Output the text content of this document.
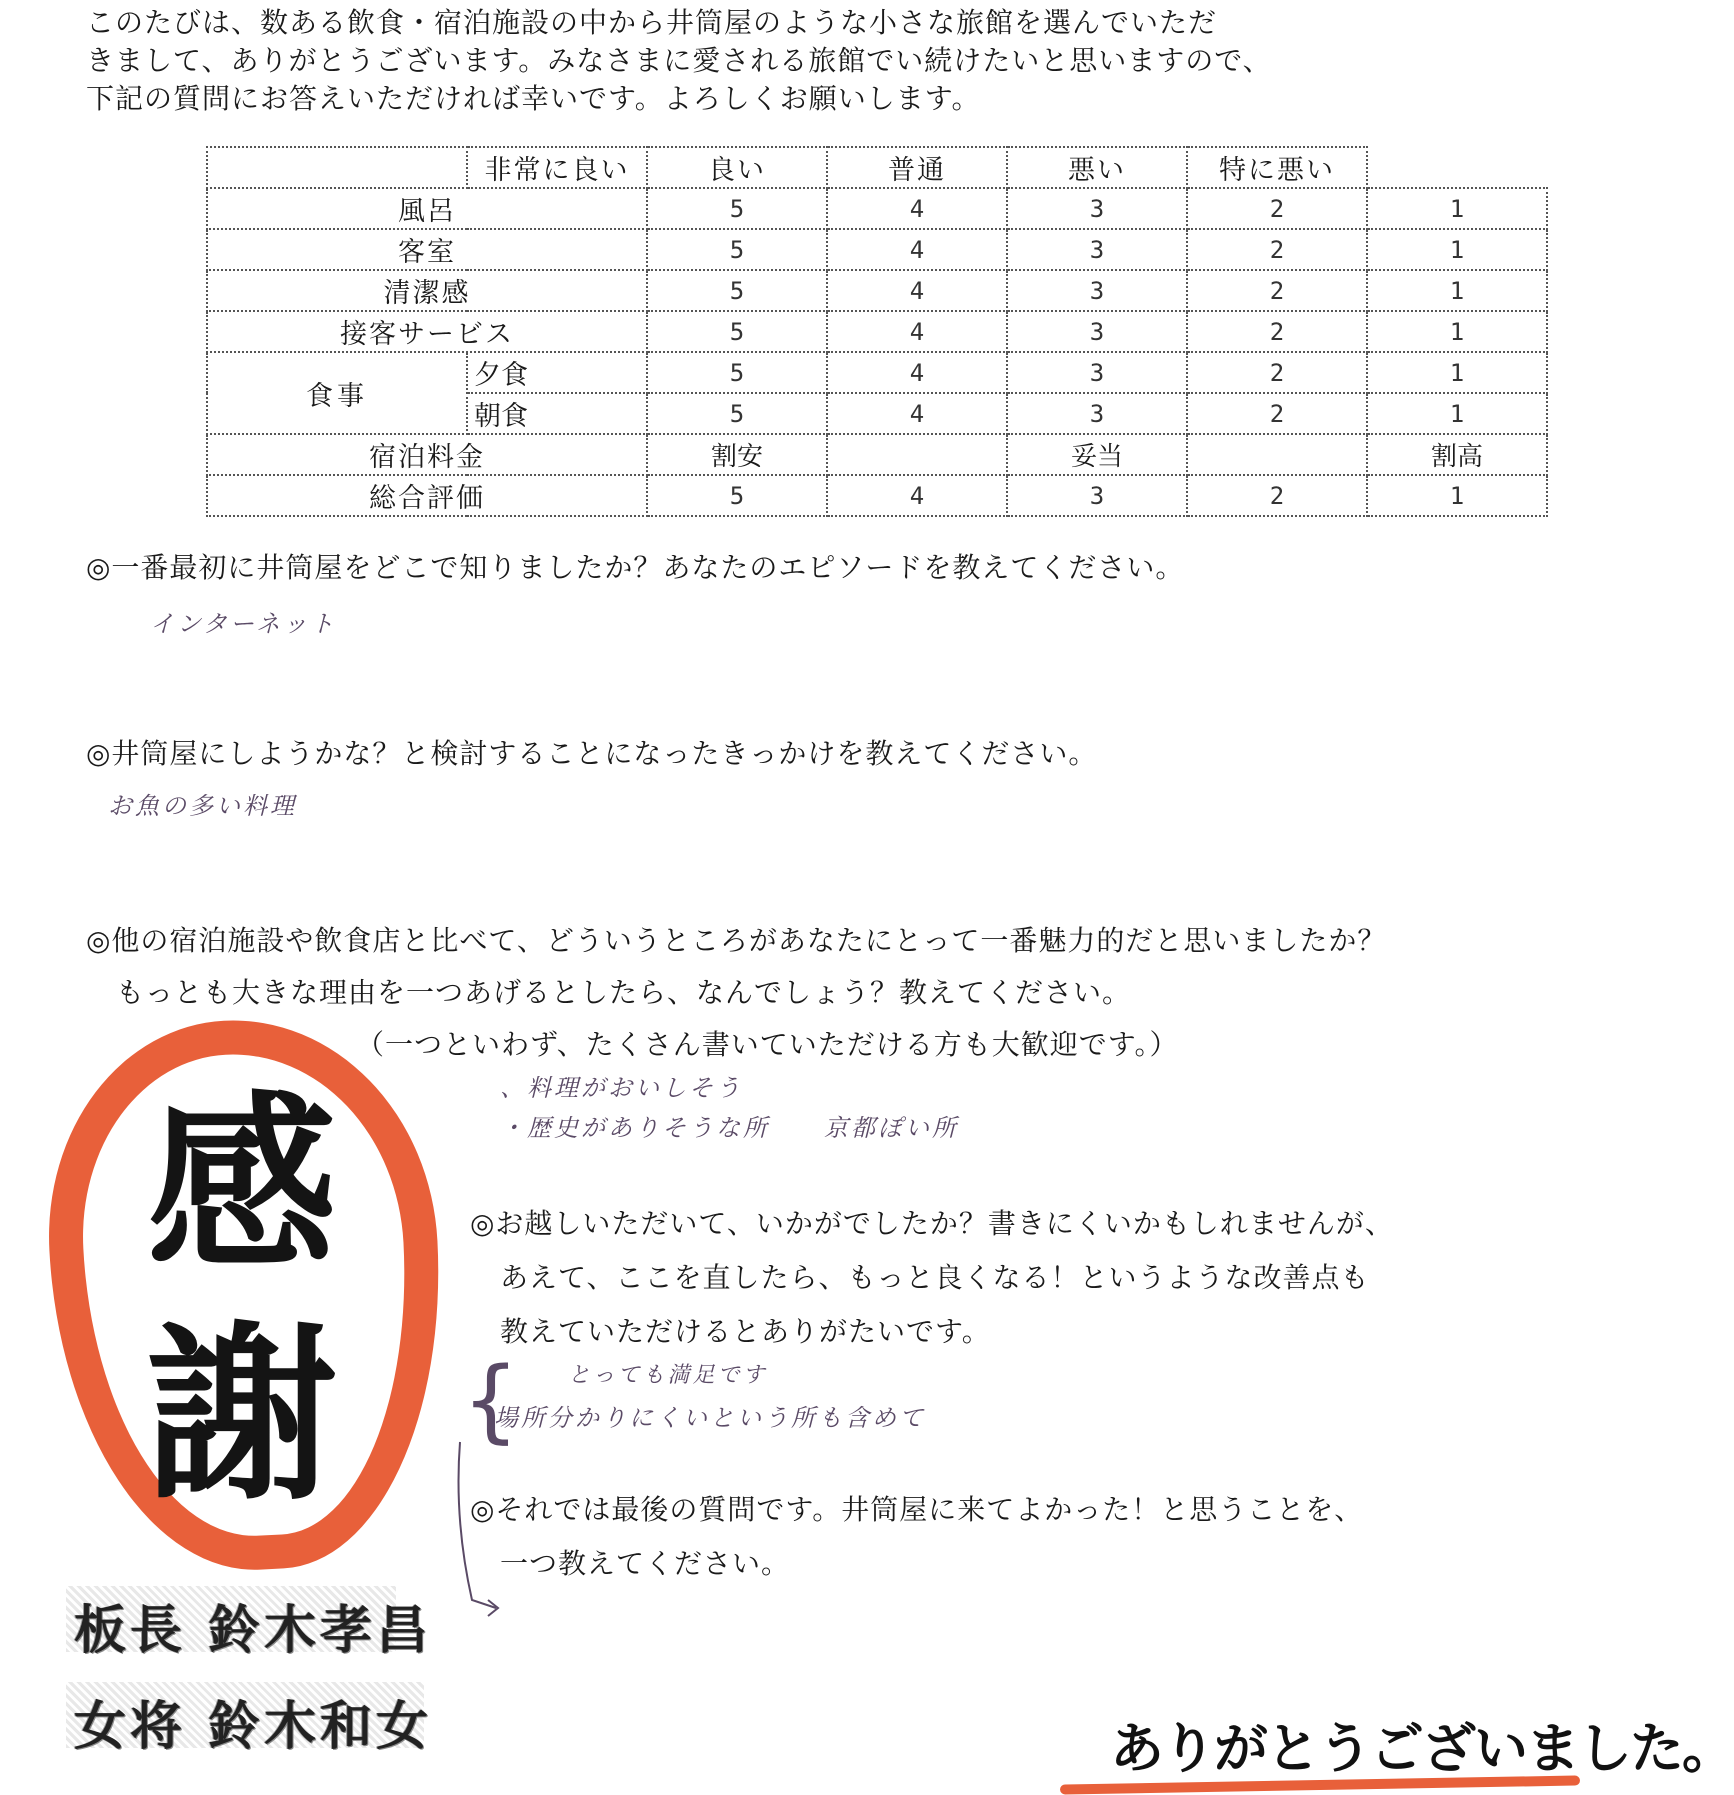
このたびは、数ある飲食・宿泊施設の中から井筒屋のような小さな旅館を選んでいただ
きまして、ありがとうございます。みなさまに愛される旅館でい続けたいと思いますので、
下記の質問にお答えいただければ幸いです。よろしくお願いします。
	非常に良い	良い	普通	悪い	特に悪い	
風呂		5	4	3	2	1
客室		5	4	3	2	1
清潔感		5	4	3	2	1
接客サービス		5	4	3	2	1
食事	夕食	5	4	3	2	1
	朝食	5	4	3	2	1
宿泊料金		割安		妥当		割高
総合評価		5	4	3	2	1
◎一番最初に井筒屋をどこで知りましたか？あなたのエピソードを教えてください。
インターネット
◎井筒屋にしようかな？と検討することになったきっかけを教えてください。
お魚の多い料理
◎他の宿泊施設や飲食店と比べて、どういうところがあなたにとって一番魅力的だと思いましたか？
もっとも大きな理由を一つあげるとしたら、なんでしょう？教えてください。
（一つといわず、たくさん書いていただける方も大歓迎です。）
、料理がおいしそう
・歴史がありそうな所　　京都ぽい所
◎お越しいただいて、いかがでしたか？書きにくいかもしれませんが、
あえて、ここを直したら、もっと良くなる！というような改善点も
教えていただけるとありがたいです。
{ とっても満足です
場所分かりにくいという所も含めて
◎それでは最後の質問です。井筒屋に来てよかった！と思うことを、
一つ教えてください。
感
謝
板長 鈴木孝昌
女将 鈴木和女	ありがとうございました。
